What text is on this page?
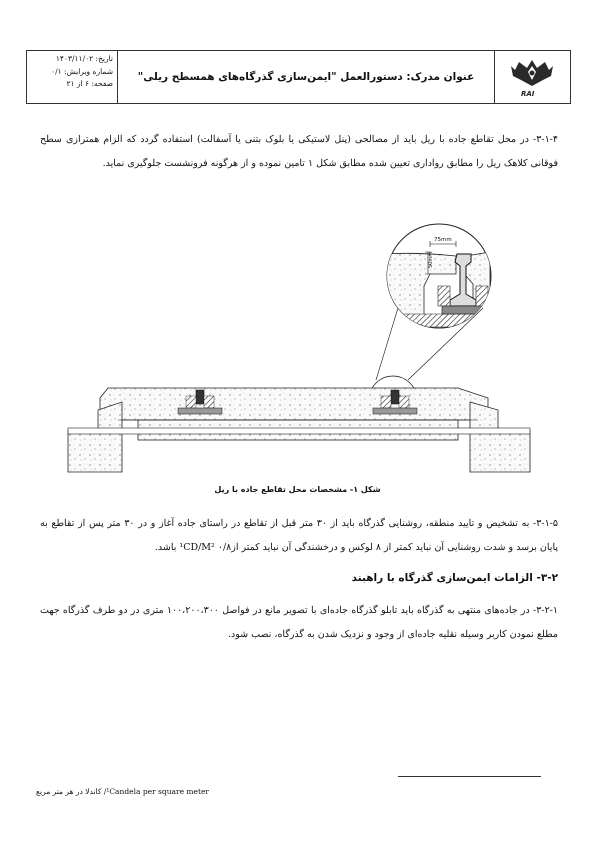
تاریخ: ۱۴۰۳/۱۱/۰۲
شماره ویرایش: ۰/۱
صفحه: ۶ از ۲۱
عنوان مدرک: دستورالعمل "ایمن‌سازی گذرگاه‌های همسطح ریلی"
RAI
۳-۱-۴- در محل تقاطع جاده با ریل باید از مصالحی (پنل لاستیکی یا بلوک بتنی یا آسفالت) استفاده گردد که الزام همترازی سطح فوقانی کلاهک ریل را مطابق رواداری تعیین شده مطابق شکل ۱ تامین نموده و از هرگونه فرونشست جلوگیری نماید.
75mm
50mm
شکل ۱- مشخصات محل تقاطع جاده با ریل
۳-۱-۵- به تشخیص و تایید منطقه، روشنایی گذرگاه باید از ۳۰ متر قبل از تقاطع در راستای جاده آغاز و در ۳۰ متر پس از تقاطع به پایان برسد و شدت روشنایی آن نباید کمتر از ۸ لوکس و درخشندگی آن نباید کمتر از¹CD/M² ۰/۸ باشد.
۳-۲- الزامات ایمن‌سازی گذرگاه با راهبند
۳-۲-۱- در جاده‌های منتهی به گذرگاه باید تابلو گذرگاه جاده‌ای با تصویر مانع در فواصل ۱۰۰،۲۰۰،۳۰۰ متری در دو طرف گذرگاه جهت مطلع نمودن کاربر وسیله نقلیه جاده‌ای از وجود و نزدیک شدن به گذرگاه، نصب شود.
¹Candela per square meter/ کاندلا در هر متر مربع
